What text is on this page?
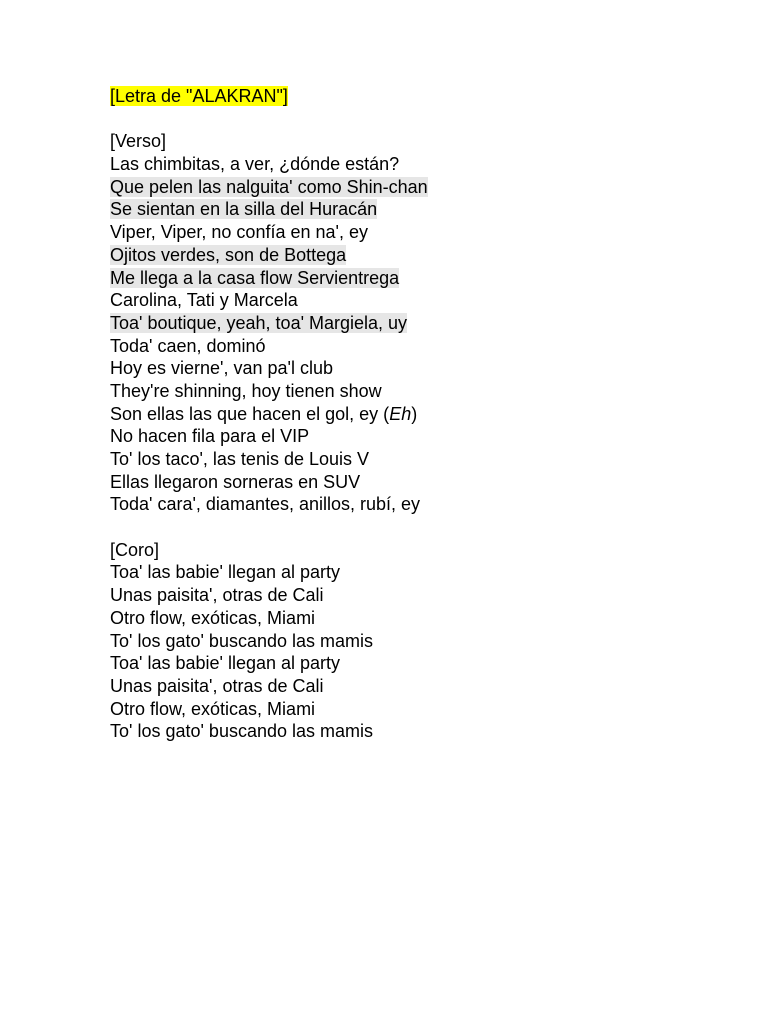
[Letra de "ALAKRAN"]
[Verso]
Las chimbitas, a ver, ¿dónde están?
Que pelen las nalguita' como Shin-chan
Se sientan en la silla del Huracán
Viper, Viper, no confía en na', ey
Ojitos verdes, son de Bottega
Me llega a la casa flow Servientrega
Carolina, Tati y Marcela
Toa' boutique, yeah, toa' Margiela, uy
Toda' caen, dominó
Hoy es vierne', van pa'l club
They're shinning, hoy tienen show
Son ellas las que hacen el gol, ey (Eh)
No hacen fila para el VIP
To' los taco', las tenis de Louis V
Ellas llegaron sorneras en SUV
Toda' cara', diamantes, anillos, rubí, ey
[Coro]
Toa' las babie' llegan al party
Unas paisita', otras de Cali
Otro flow, exóticas, Miami
To' los gato' buscando las mamis
Toa' las babie' llegan al party
Unas paisita', otras de Cali
Otro flow, exóticas, Miami
To' los gato' buscando las mamis
